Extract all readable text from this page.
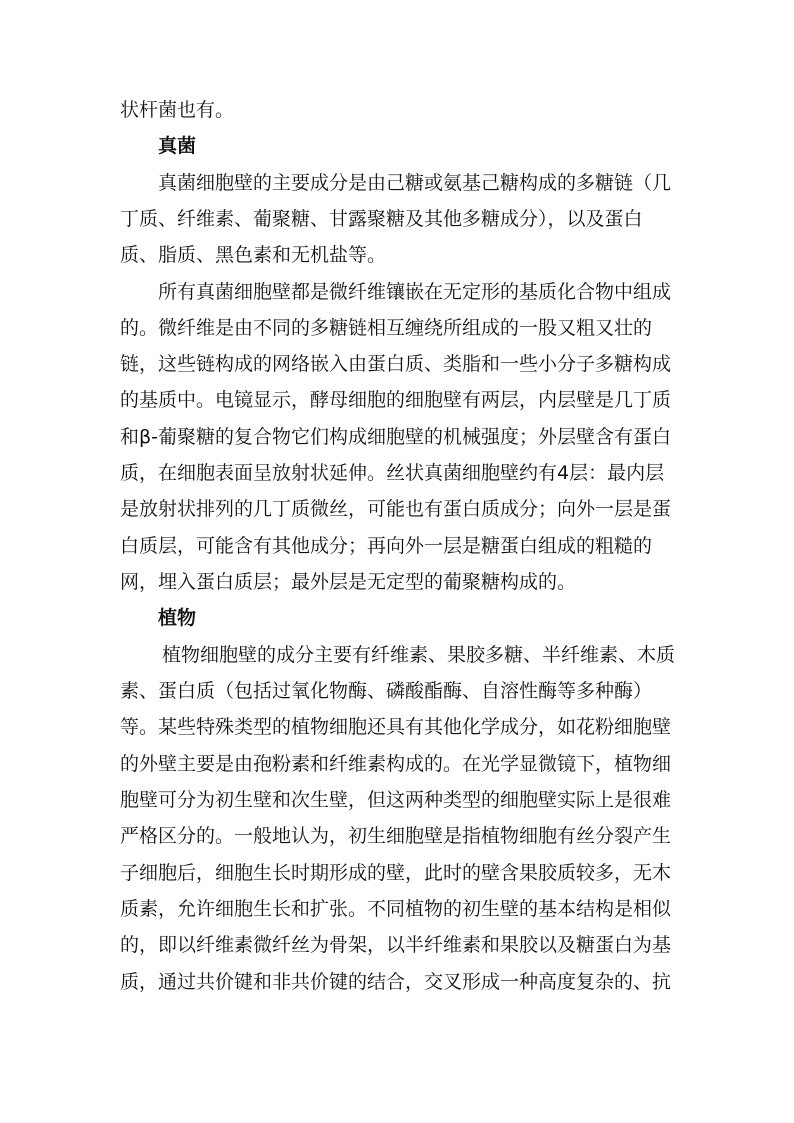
状杆菌也有。

真菌

真菌细胞壁的主要成分是由己糖或氨基己糖构成的多糖链（几

丁质、纤维素、葡聚糖、甘露聚糖及其他多糖成分），以及蛋白

质、脂质、黑色素和无机盐等。

所有真菌细胞壁都是微纤维镶嵌在无定形的基质化合物中组成

的。微纤维是由不同的多糖链相互缠绕所组成的一股又粗又壮的

链，这些链构成的网络嵌入由蛋白质、类脂和一些小分子多糖构成

的基质中。电镜显示，酵母细胞的细胞壁有两层，内层壁是几丁质

和β-葡聚糖的复合物它们构成细胞壁的机械强度；外层壁含有蛋白

质，在细胞表面呈放射状延伸。丝状真菌细胞壁约有4层：最内层

是放射状排列的几丁质微丝，可能也有蛋白质成分；向外一层是蛋

白质层，可能含有其他成分；再向外一层是糖蛋白组成的粗糙的

网，埋入蛋白质层；最外层是无定型的葡聚糖构成的。

植物

植物细胞壁的成分主要有纤维素、果胶多糖、半纤维素、木质

素、蛋白质（包括过氧化物酶、磷酸酯酶、自溶性酶等多种酶）

等。某些特殊类型的植物细胞还具有其他化学成分，如花粉细胞壁

的外壁主要是由孢粉素和纤维素构成的。在光学显微镜下，植物细

胞壁可分为初生壁和次生壁，但这两种类型的细胞壁实际上是很难

严格区分的。一般地认为，初生细胞壁是指植物细胞有丝分裂产生

子细胞后，细胞生长时期形成的壁，此时的壁含果胶质较多，无木

质素，允许细胞生长和扩张。不同植物的初生壁的基本结构是相似

的，即以纤维素微纤丝为骨架，以半纤维素和果胶以及糖蛋白为基

质，通过共价键和非共价键的结合，交叉形成一种高度复杂的、抗
